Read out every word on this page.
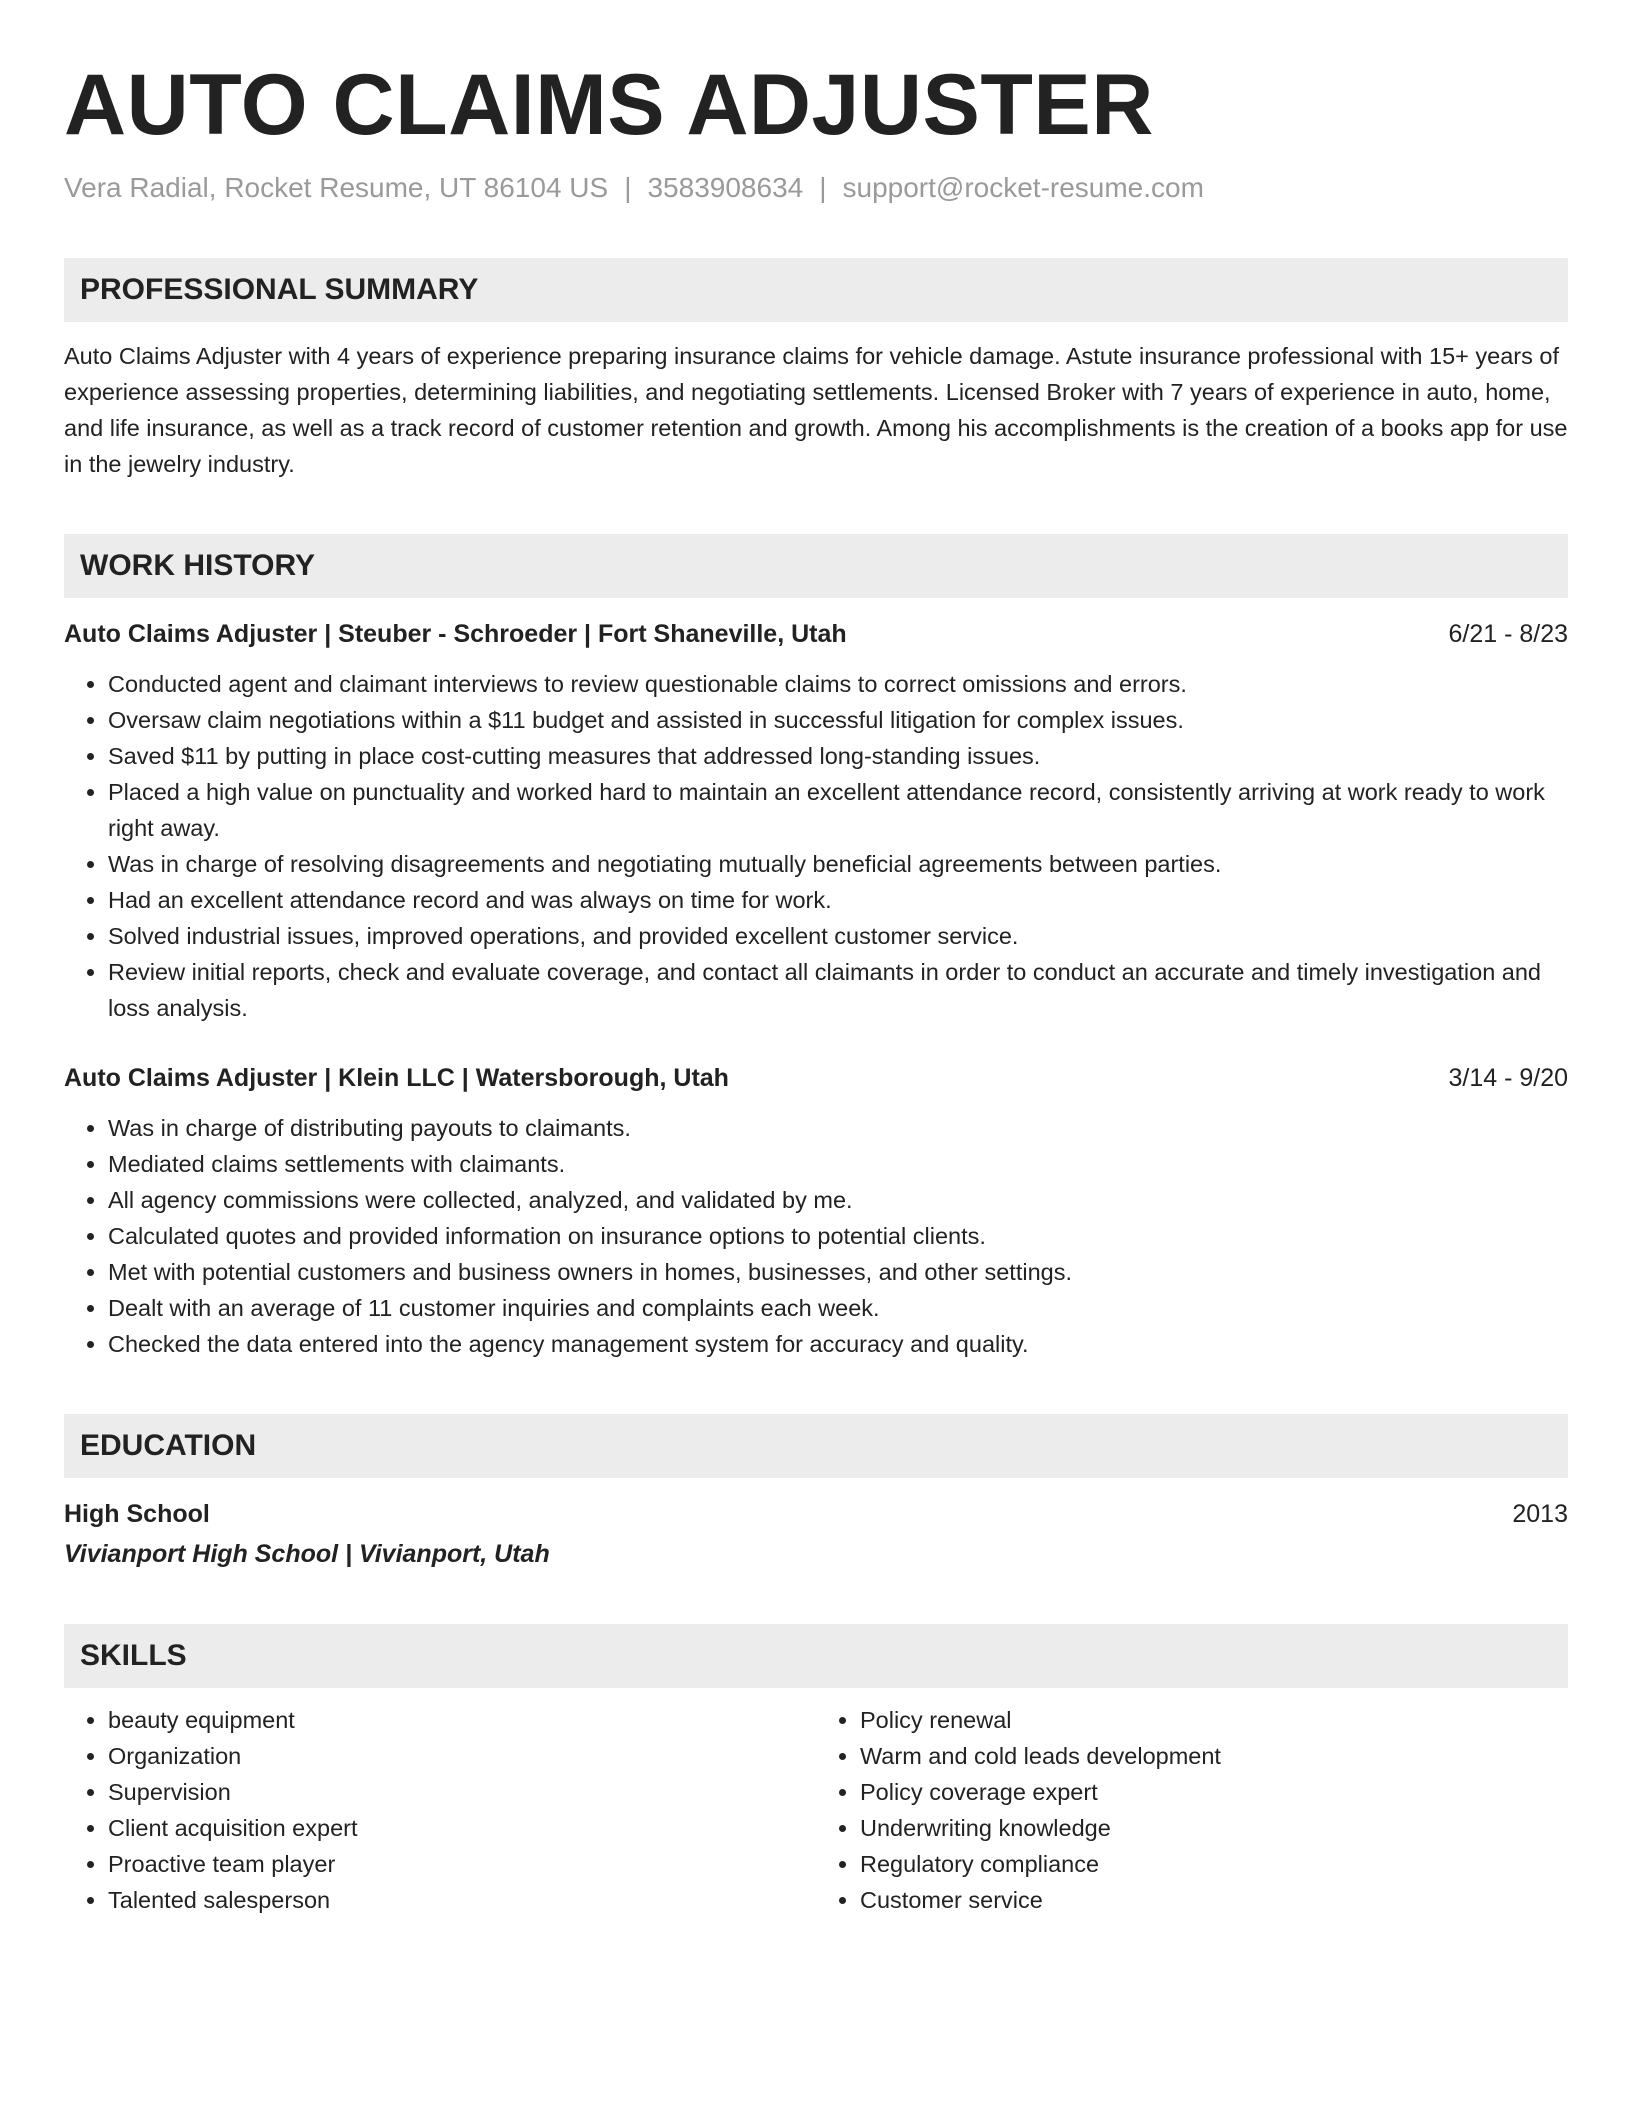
AUTO CLAIMS ADJUSTER
Vera Radial, Rocket Resume, UT 86104 US | 3583908634 | support@rocket-resume.com
PROFESSIONAL SUMMARY
Auto Claims Adjuster with 4 years of experience preparing insurance claims for vehicle damage. Astute insurance professional with 15+ years of experience assessing properties, determining liabilities, and negotiating settlements. Licensed Broker with 7 years of experience in auto, home, and life insurance, as well as a track record of customer retention and growth. Among his accomplishments is the creation of a books app for use in the jewelry industry.
WORK HISTORY
Auto Claims Adjuster | Steuber - Schroeder | Fort Shaneville, Utah	6/21 - 8/23
• Conducted agent and claimant interviews to review questionable claims to correct omissions and errors.
• Oversaw claim negotiations within a $11 budget and assisted in successful litigation for complex issues.
• Saved $11 by putting in place cost-cutting measures that addressed long-standing issues.
• Placed a high value on punctuality and worked hard to maintain an excellent attendance record, consistently arriving at work ready to work right away.
• Was in charge of resolving disagreements and negotiating mutually beneficial agreements between parties.
• Had an excellent attendance record and was always on time for work.
• Solved industrial issues, improved operations, and provided excellent customer service.
• Review initial reports, check and evaluate coverage, and contact all claimants in order to conduct an accurate and timely investigation and loss analysis.
Auto Claims Adjuster | Klein LLC | Watersborough, Utah	3/14 - 9/20
• Was in charge of distributing payouts to claimants.
• Mediated claims settlements with claimants.
• All agency commissions were collected, analyzed, and validated by me.
• Calculated quotes and provided information on insurance options to potential clients.
• Met with potential customers and business owners in homes, businesses, and other settings.
• Dealt with an average of 11 customer inquiries and complaints each week.
• Checked the data entered into the agency management system for accuracy and quality.
EDUCATION
High School	2013
Vivianport High School | Vivianport, Utah
SKILLS
• beauty equipment
• Organization
• Supervision
• Client acquisition expert
• Proactive team player
• Talented salesperson
• Policy renewal
• Warm and cold leads development
• Policy coverage expert
• Underwriting knowledge
• Regulatory compliance
• Customer service
